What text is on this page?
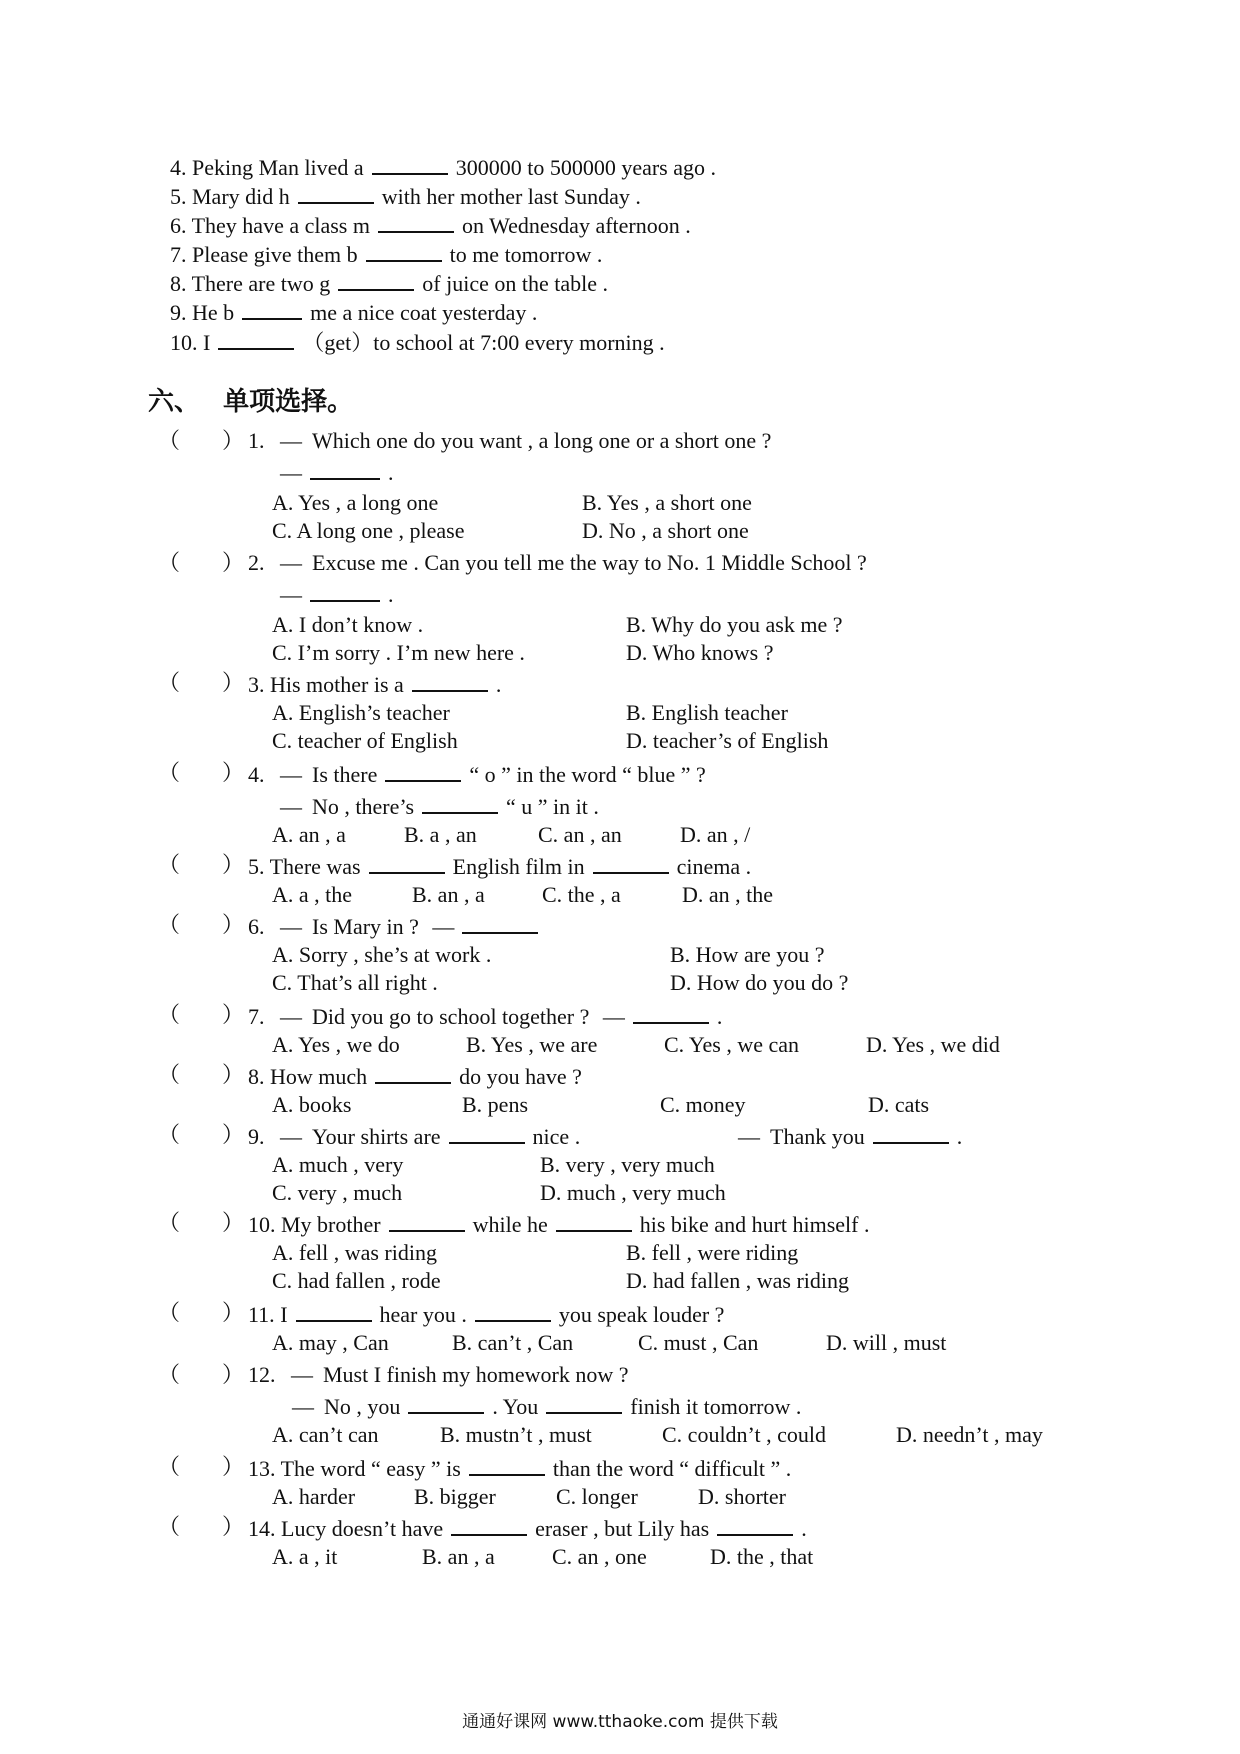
4. Peking Man lived a	300000 to 500000 years ago .
5. Mary did h	with her mother last Sunday .
6. They have a class m	on Wednesday afternoon .
7. Please give them b	to me tomorrow .
8. There are two g	of juice on the table .
9. He b	me a nice coat yesterday .
10. I	（get）to school at 7:00 every morning .
六、 单项选择。
（ ） 1. — Which one do you want , a long one or a short one ?
—	.
A. Yes , a long one	B. Yes , a short one
C. A long one , please	D. No , a short one
（ ） 2. — Excuse me . Can you tell me the way to No. 1 Middle School ?
—	.
A. I don’t know .	B. Why do you ask me ?
C. I’m sorry . I’m new here .	D. Who knows ?
（ ） 3. His mother is a	.
A. English’s teacher	B. English teacher
C. teacher of English	D. teacher’s of English
（ ） 4. — Is there	“ o ” in the word “ blue ” ?
— No , there’s	“ u ” in it .
A. an , a	B. a , an	C. an , an	D. an , /
（ ） 5. There was	English film in	cinema .
A. a , the	B. an , a	C. the , a	D. an , the
（ ） 6. — Is Mary in ? —
A. Sorry , she’s at work .	B. How are you ?
C. That’s all right .	D. How do you do ?
（ ） 7. — Did you go to school together ? —	.
A. Yes , we do	B. Yes , we are	C. Yes , we can	D. Yes , we did
（ ） 8. How much	do you have ?
A. books	B. pens	C. money	D. cats
（ ） 9. — Your shirts are	nice .	— Thank you	.
A. much , very	B. very , very much
C. very , much	D. much , very much
（ ） 10. My brother	while he	his bike and hurt himself .
A. fell , was riding	B. fell , were riding
C. had fallen , rode	D. had fallen , was riding
（ ） 11. I	hear you .	you speak louder ?
A. may , Can	B. can’t , Can	C. must , Can	D. will , must
（ ） 12. — Must I finish my homework now ?
— No , you	. You	finish it tomorrow .
A. can’t can	B. mustn’t , must	C. couldn’t , could	D. needn’t , may
（ ） 13. The word “ easy ” is	than the word “ difficult ” .
A. harder	B. bigger	C. longer	D. shorter
（ ） 14. Lucy doesn’t have	eraser , but Lily has	.
A. a , it	B. an , a	C. an , one	D. the , that
通通好课网 www.tthaoke.com 提供下载
